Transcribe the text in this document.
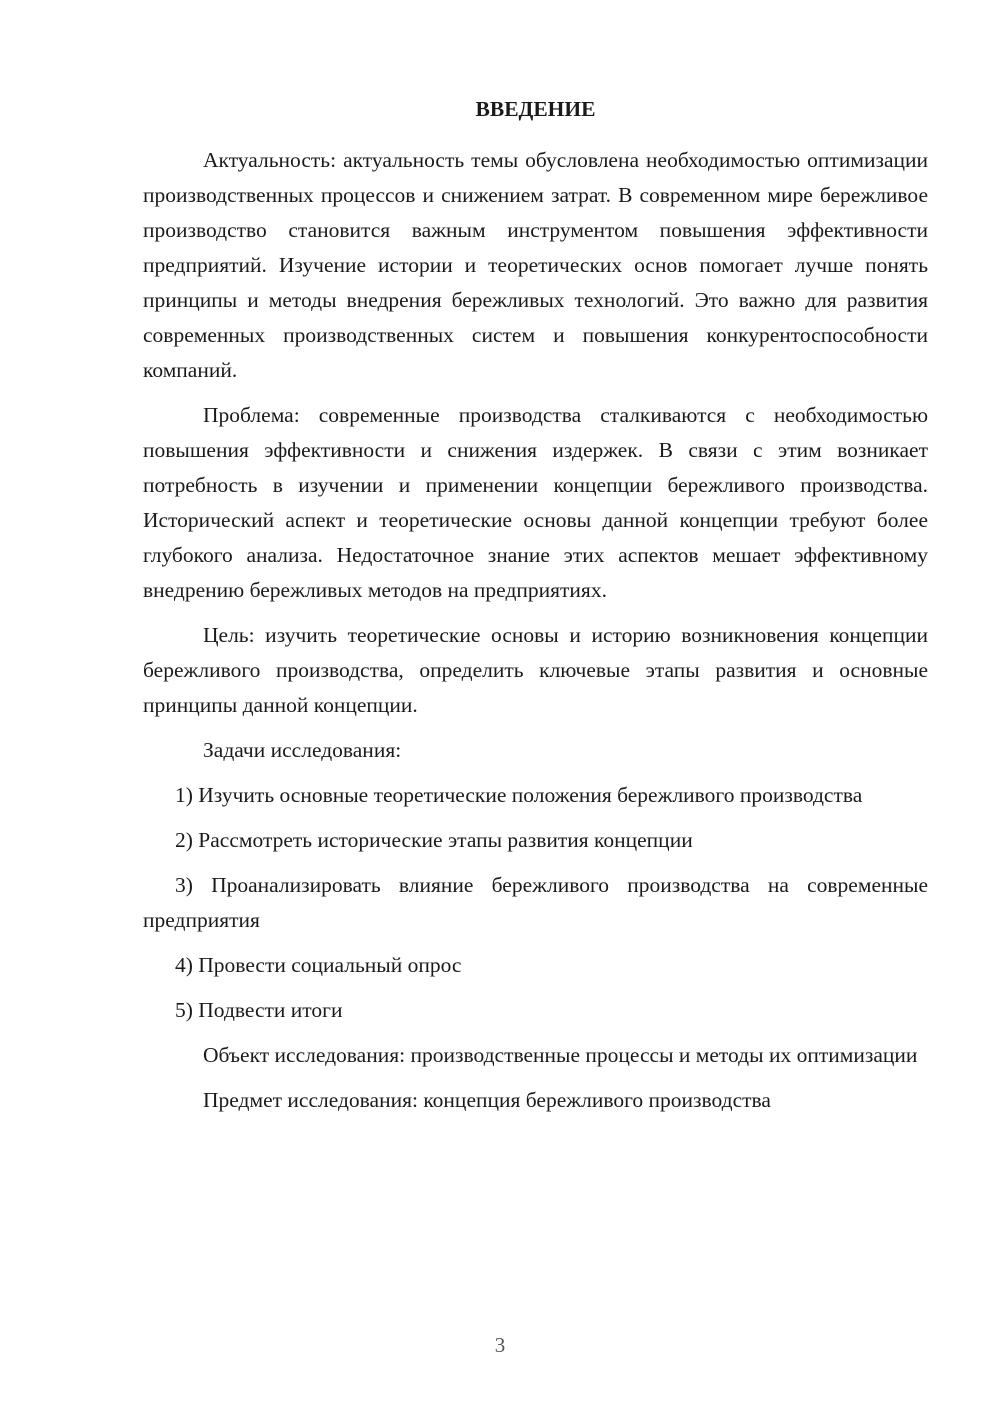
ВВЕДЕНИЕ

Актуальность: актуальность темы обусловлена необходимостью оптимизации производственных процессов и снижением затрат. В современном мире бережливое производство становится важным инструментом повышения эффективности предприятий. Изучение истории и теоретических основ помогает лучше понять принципы и методы внедрения бережливых технологий. Это важно для развития современных производственных систем и повышения конкурентоспособности компаний.

Проблема: современные производства сталкиваются с необходимостью повышения эффективности и снижения издержек. В связи с этим возникает потребность в изучении и применении концепции бережливого производства. Исторический аспект и теоретические основы данной концепции требуют более глубокого анализа. Недостаточное знание этих аспектов мешает эффективному внедрению бережливых методов на предприятиях.

Цель: изучить теоретические основы и историю возникновения концепции бережливого производства, определить ключевые этапы развития и основные принципы данной концепции.

Задачи исследования:

1) Изучить основные теоретические положения бережливого производства

2) Рассмотреть исторические этапы развития концепции

3) Проанализировать влияние бережливого производства на современные предприятия

4) Провести социальный опрос

5) Подвести итоги

Объект исследования: производственные процессы и методы их оптимизации

Предмет исследования: концепция бережливого производства

3
